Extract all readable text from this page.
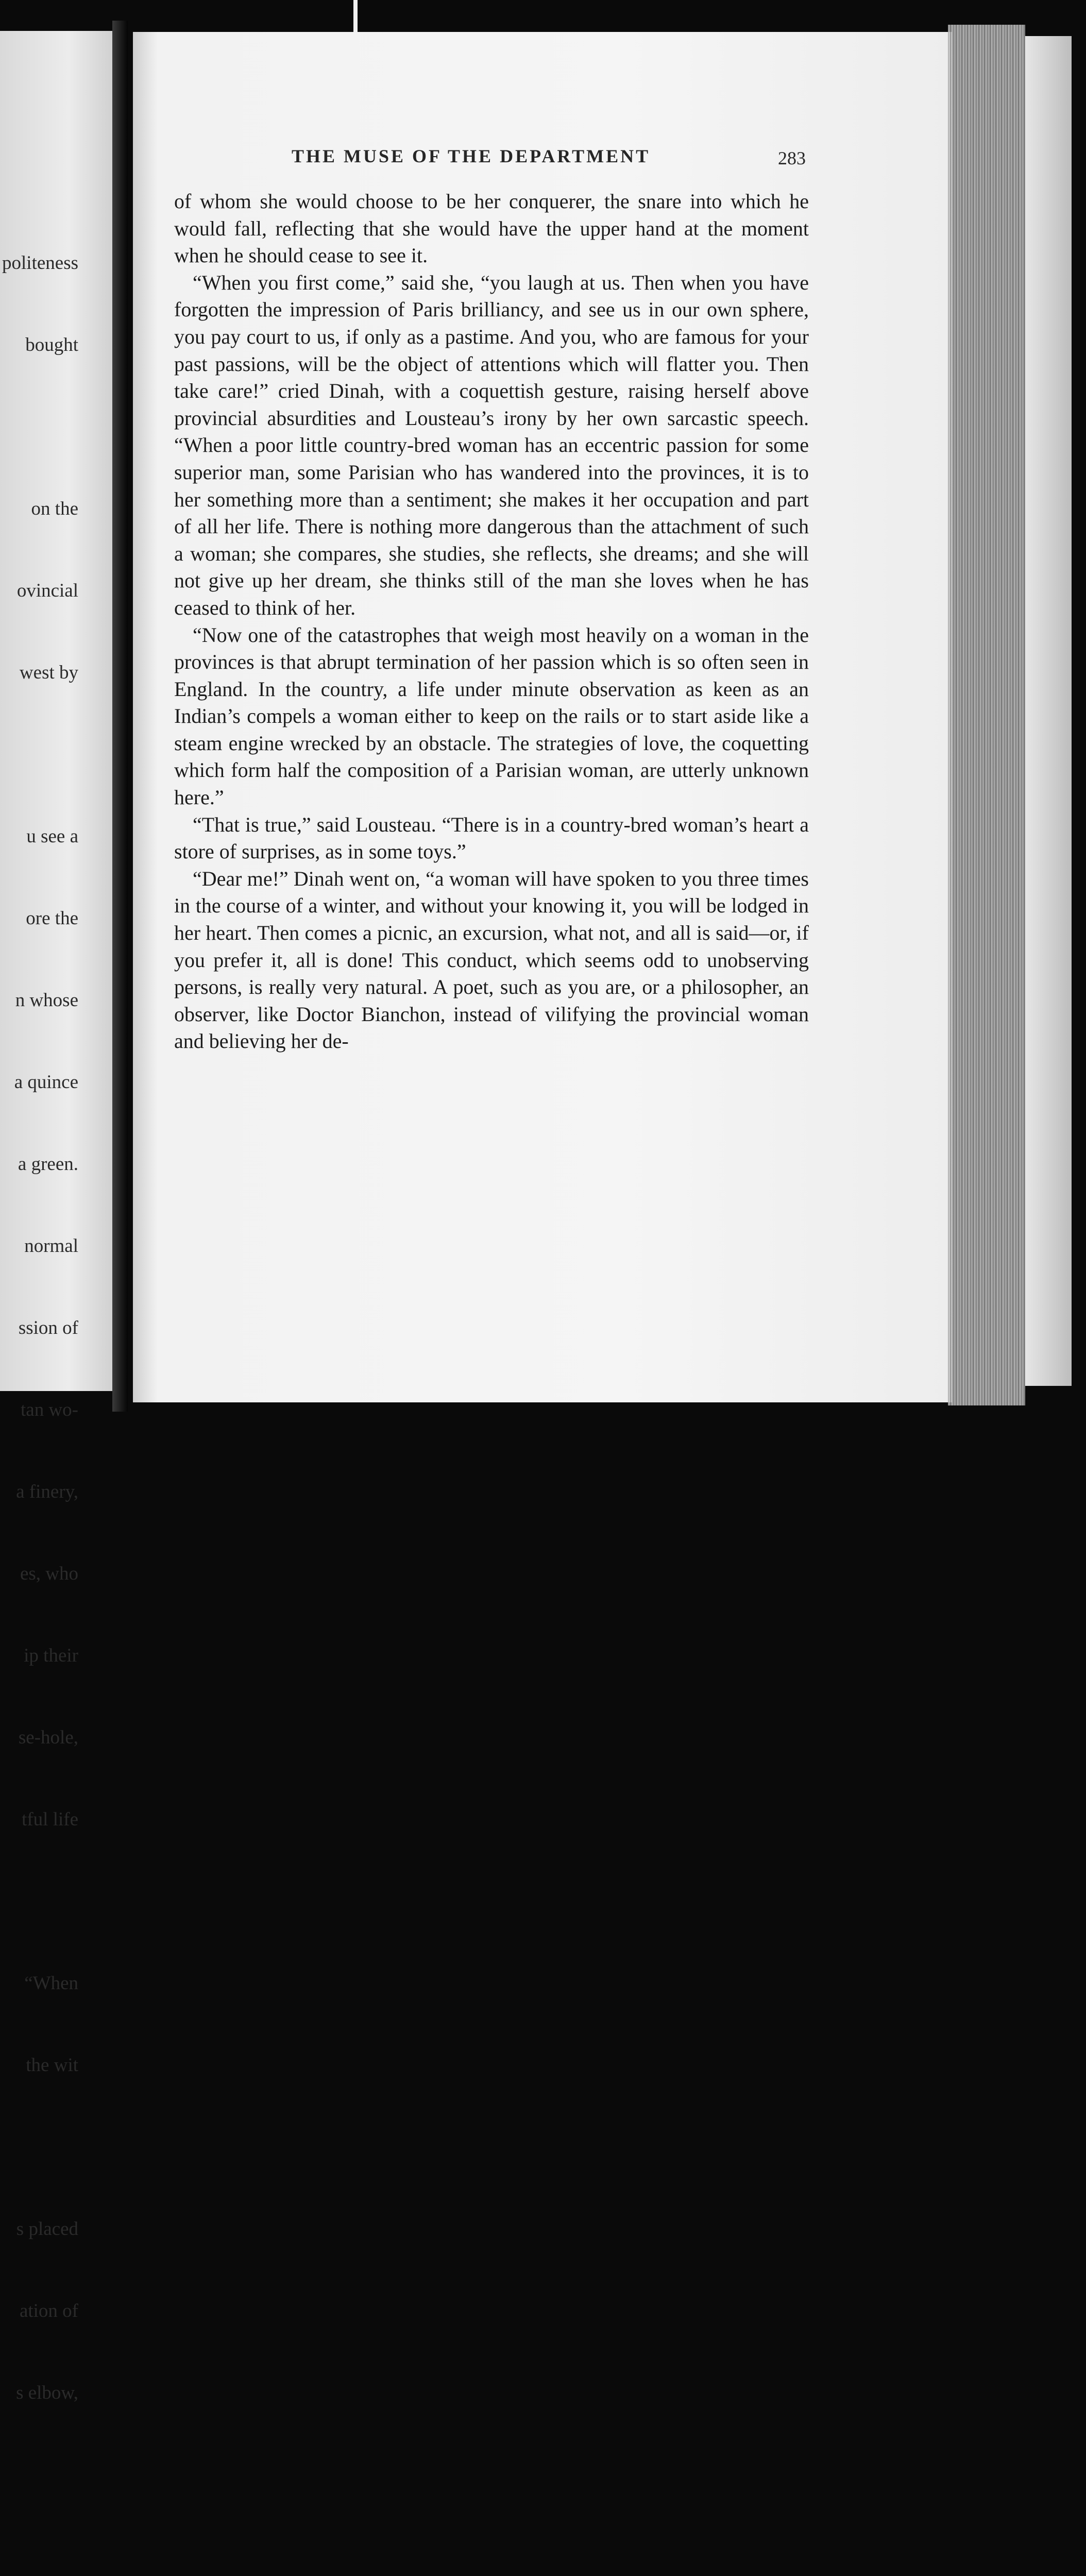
politeness

bought

on the

ovincial

west by

u see a

ore the

n whose

a quince

a green.

normal

ssion of

tan wo-

a finery,

es, who

ip their

se-hole,

tful life

“When

the wit

s placed

ation of

s elbow,

THE MUSE OF THE DEPARTMENT	283

of whom she would choose to be her conquerer, the snare into which he would fall, reflecting that she would have the upper hand at the moment when he should cease to see it.

“When you first come,” said she, “you laugh at us. Then when you have forgotten the impression of Paris brilliancy, and see us in our own sphere, you pay court to us, if only as a pastime. And you, who are famous for your past passions, will be the object of attentions which will flatter you. Then take care!” cried Dinah, with a coquettish gesture, raising herself above provincial absurdities and Lousteau’s irony by her own sarcastic speech. “When a poor little country-bred woman has an eccentric passion for some superior man, some Parisian who has wandered into the provinces, it is to her something more than a sentiment; she makes it her occupation and part of all her life. There is nothing more dangerous than the attachment of such a woman; she compares, she studies, she reflects, she dreams; and she will not give up her dream, she thinks still of the man she loves when he has ceased to think of her.

“Now one of the catastrophes that weigh most heavily on a woman in the provinces is that abrupt termination of her passion which is so often seen in England. In the country, a life under minute observation as keen as an Indian’s compels a woman either to keep on the rails or to start aside like a steam engine wrecked by an obstacle. The strategies of love, the coquetting which form half the composition of a Parisian woman, are utterly unknown here.”

“That is true,” said Lousteau. “There is in a country-bred woman’s heart a store of surprises, as in some toys.”

“Dear me!” Dinah went on, “a woman will have spoken to you three times in the course of a winter, and without your knowing it, you will be lodged in her heart. Then comes a picnic, an excursion, what not, and all is said—or, if you prefer it, all is done! This conduct, which seems odd to unobserving persons, is really very natural. A poet, such as you are, or a philosopher, an observer, like Doctor Bianchon, instead of vilifying the provincial woman and believing her de-
